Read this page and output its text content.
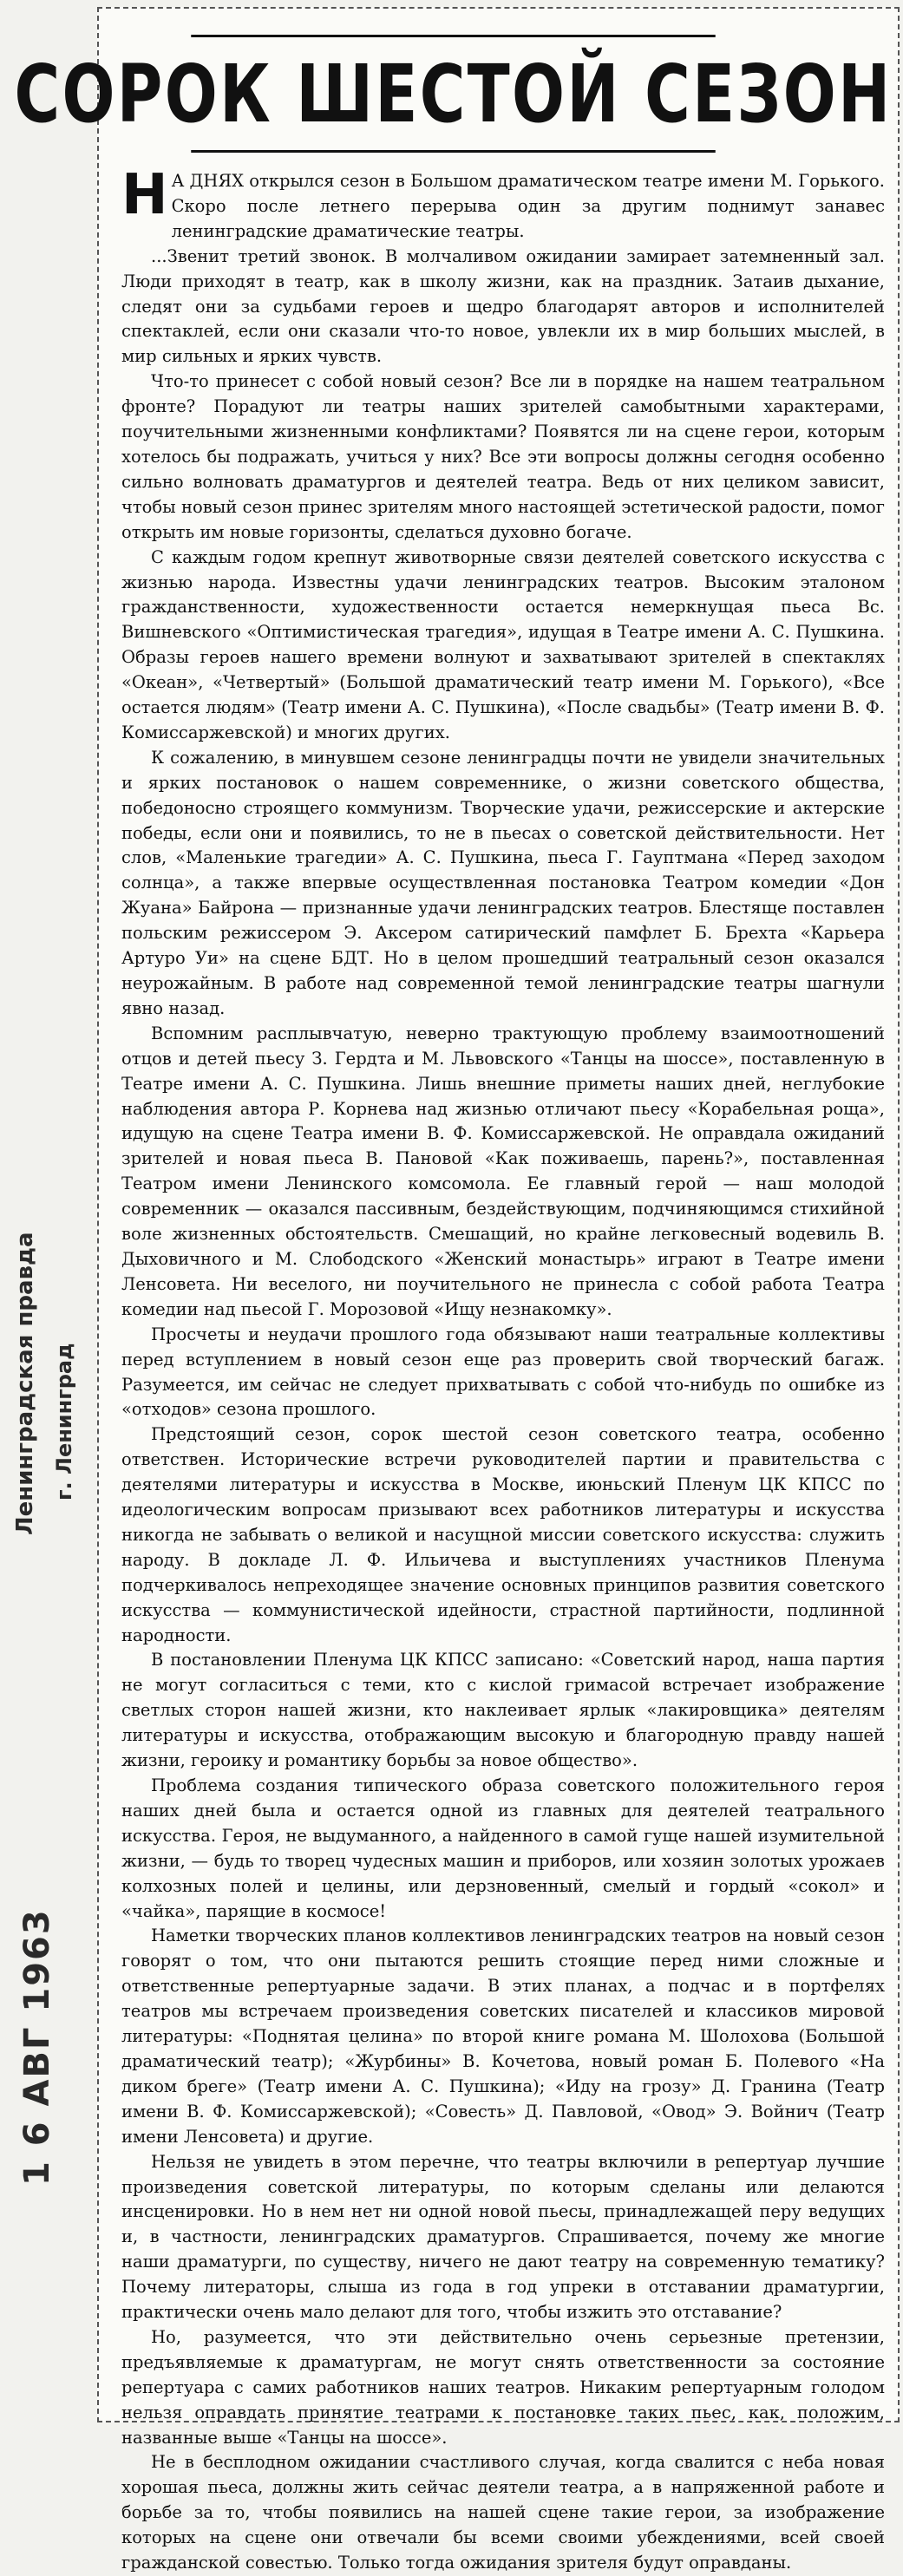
СОРОК ШЕСТОЙ СЕЗОН

Н А ДНЯХ открылся сезон в Большом драматическом театре имени М. Горького. Скоро после летнего перерыва один за другим поднимут занавес ленинградские драматические театры.

...Звенит третий звонок. В молчаливом ожидании замирает затемненный зал. Люди приходят в театр, как в школу жизни, как на праздник. Затаив дыхание, следят они за судьбами героев и щедро благодарят авторов и исполнителей спектаклей, если они сказали что-то новое, увлекли их в мир больших мыслей, в мир сильных и ярких чувств.

Что-то принесет с собой новый сезон? Все ли в порядке на нашем театральном фронте? Порадуют ли театры наших зрителей самобытными характерами, поучительными жизненными конфликтами? Появятся ли на сцене герои, которым хотелось бы подражать, учиться у них? Все эти вопросы должны сегодня особенно сильно волновать драматургов и деятелей театра. Ведь от них целиком зависит, чтобы новый сезон принес зрителям много настоящей эстетической радости, помог открыть им новые горизонты, сделаться духовно богаче.

С каждым годом крепнут животворные связи деятелей советского искусства с жизнью народа. Известны удачи ленинградских театров. Высоким эталоном гражданственности, художественности остается немеркнущая пьеса Вс. Вишневского «Оптимистическая трагедия», идущая в Театре имени А. С. Пушкина. Образы героев нашего времени волнуют и захватывают зрителей в спектаклях «Океан», «Четвертый» (Большой драматический театр имени М. Горького), «Все остается людям» (Театр имени А. С. Пушкина), «После свадьбы» (Театр имени В. Ф. Комиссаржевской) и многих других.

К сожалению, в минувшем сезоне ленинградцы почти не увидели значительных и ярких постановок о нашем современнике, о жизни советского общества, победоносно строящего коммунизм. Творческие удачи, режиссерские и актерские победы, если они и появились, то не в пьесах о советской действительности. Нет слов, «Маленькие трагедии» А. С. Пушкина, пьеса Г. Гауптмана «Перед заходом солнца», а также впервые осуществленная постановка Театром комедии «Дон Жуана» Байрона — признанные удачи ленинградских театров. Блестяще поставлен польским режиссером Э. Аксером сатирический памфлет Б. Брехта «Карьера Артуро Уи» на сцене БДТ. Но в целом прошедший театральный сезон оказался неурожайным. В работе над современной темой ленинградские театры шагнули явно назад.

Вспомним расплывчатую, неверно трактующую проблему взаимоотношений отцов и детей пьесу З. Гердта и М. Львовского «Танцы на шоссе», поставленную в Театре имени А. С. Пушкина. Лишь внешние приметы наших дней, неглубокие наблюдения автора Р. Корнева над жизнью отличают пьесу «Корабельная роща», идущую на сцене Театра имени В. Ф. Комиссаржевской. Не оправдала ожиданий зрителей и новая пьеса В. Пановой «Как поживаешь, парень?», поставленная Театром имени Ленинского комсомола. Ее главный герой — наш молодой современник — оказался пассивным, бездействующим, подчиняющимся стихийной воле жизненных обстоятельств. Смешащий, но крайне легковесный водевиль В. Дыховичного и М. Слободского «Женский монастырь» играют в Театре имени Ленсовета. Ни веселого, ни поучительного не принесла с собой работа Театра комедии над пьесой Г. Морозовой «Ищу незнакомку».

Просчеты и неудачи прошлого года обязывают наши театральные коллективы перед вступлением в новый сезон еще раз проверить свой творческий багаж. Разумеется, им сейчас не следует прихватывать с собой что-нибудь по ошибке из «отходов» сезона прошлого.

Предстоящий сезон, сорок шестой сезон советского театра, особенно ответствен. Исторические встречи руководителей партии и правительства с деятелями литературы и искусства в Москве, июньский Пленум ЦК КПСС по идеологическим вопросам призывают всех работников литературы и искусства никогда не забывать о великой и насущной миссии советского искусства: служить народу. В докладе Л. Ф. Ильичева и выступлениях участников Пленума подчеркивалось непреходящее значение основных принципов развития советского искусства — коммунистической идейности, страстной партийности, подлинной народности.

В постановлении Пленума ЦК КПСС записано: «Советский народ, наша партия не могут согласиться с теми, кто с кислой гримасой встречает изображение светлых сторон нашей жизни, кто наклеивает ярлык «лакировщика» деятелям литературы и искусства, отображающим высокую и благородную правду нашей жизни, героику и романтику борьбы за новое общество».

Проблема создания типического образа советского положительного героя наших дней была и остается одной из главных для деятелей театрального искусства. Героя, не выдуманного, а найденного в самой гуще нашей изумительной жизни, — будь то творец чудесных машин и приборов, или хозяин золотых урожаев колхозных полей и целины, или дерзновенный, смелый и гордый «сокол» и «чайка», парящие в космосе!

Наметки творческих планов коллективов ленинградских театров на новый сезон говорят о том, что они пытаются решить стоящие перед ними сложные и ответственные репертуарные задачи. В этих планах, а подчас и в портфелях театров мы встречаем произведения советских писателей и классиков мировой литературы: «Поднятая целина» по второй книге романа М. Шолохова (Большой драматический театр); «Журбины» В. Кочетова, новый роман Б. Полевого «На диком бреге» (Театр имени А. С. Пушкина); «Иду на грозу» Д. Гранина (Театр имени В. Ф. Комиссаржевской); «Совесть» Д. Павловой, «Овод» Э. Войнич (Театр имени Ленсовета) и другие.

Нельзя не увидеть в этом перечне, что театры включили в репертуар лучшие произведения советской литературы, по которым сделаны или делаются инсценировки. Но в нем нет ни одной новой пьесы, принадлежащей перу ведущих и, в частности, ленинградских драматургов. Спрашивается, почему же многие наши драматурги, по существу, ничего не дают театру на современную тематику? Почему литераторы, слыша из года в год упреки в отставании драматургии, практически очень мало делают для того, чтобы изжить это отставание?

Но, разумеется, что эти действительно очень серьезные претензии, предъявляемые к драматургам, не могут снять ответственности за состояние репертуара с самих работников наших театров. Никаким репертуарным голодом нельзя оправдать принятие театрами к постановке таких пьес, как, положим, названные выше «Танцы на шоссе».

Не в бесплодном ожидании счастливого случая, когда свалится с неба новая хорошая пьеса, должны жить сейчас деятели театра, а в напряженной работе и борьбе за то, чтобы появились на нашей сцене такие герои, за изображение которых на сцене они отвечали бы всеми своими убеждениями, всей своей гражданской совестью. Только тогда ожидания зрителя будут оправданы.

Ленинградская правда г. Ленинград
1 6 АВГ 1963
